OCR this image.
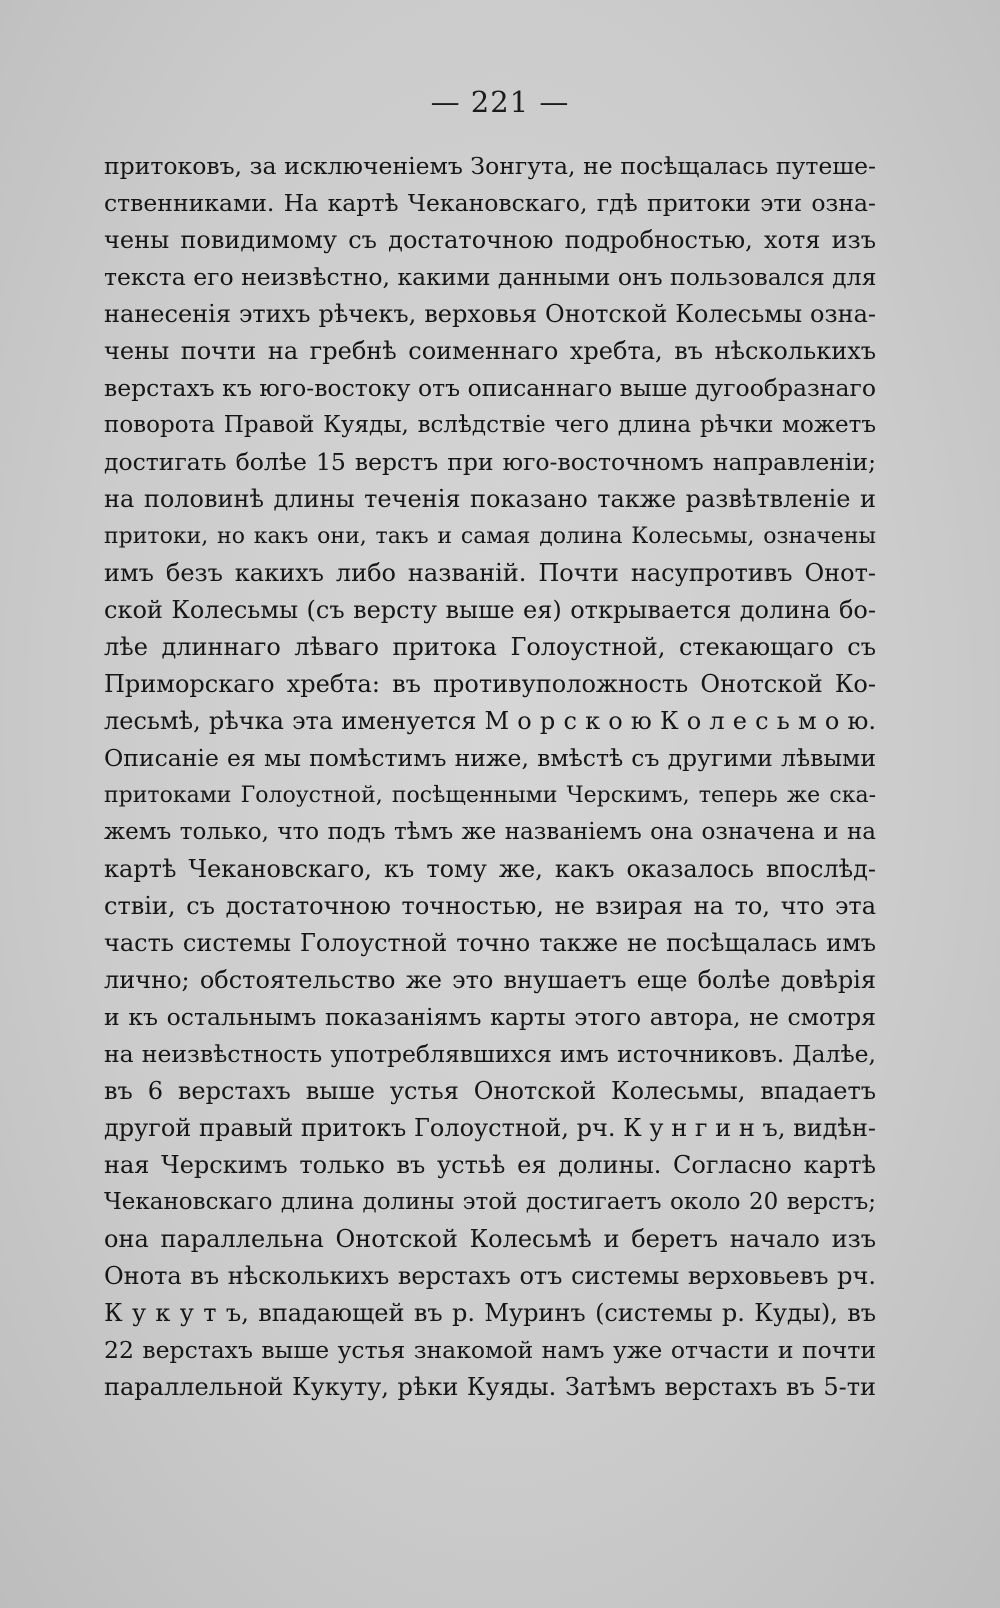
— 221 —
притоковъ, за исключеніемъ Зонгута, не посѣщалась путеше-
ственниками. На картѣ Чекановскаго, гдѣ притоки эти озна-
чены повидимому съ достаточною подробностью, хотя изъ
текста его неизвѣстно, какими данными онъ пользовался для
нанесенія этихъ рѣчекъ, верховья Онотской Колесьмы озна-
чены почти на гребнѣ соименнаго хребта, въ нѣсколькихъ
верстахъ къ юго-востоку отъ описаннаго выше дугообразнаго
поворота Правой Куяды, вслѣдствіе чего длина рѣчки можетъ
достигать болѣе 15 верстъ при юго-восточномъ направленіи;
на половинѣ длины теченія показано также развѣтвленіе и
притоки, но какъ они, такъ и самая долина Колесьмы, означены
имъ безъ какихъ либо названій. Почти насупротивъ Онот-
ской Колесьмы (съ версту выше ея) открывается долина бо-
лѣе длиннаго лѣваго притока Голоустной, стекающаго съ
Приморскаго хребта: въ противуположность Онотской Ко-
лесьмѣ, рѣчка эта именуется М о р с к о ю К о л е с ь м о ю.
Описаніе ея мы помѣстимъ ниже, вмѣстѣ съ другими лѣвыми
притоками Голоустной, посѣщенными Черскимъ, теперь же ска-
жемъ только, что подъ тѣмъ же названіемъ она означена и на
картѣ Чекановскаго, къ тому же, какъ оказалось впослѣд-
ствіи, съ достаточною точностью, не взирая на то, что эта
часть системы Голоустной точно также не посѣщалась имъ
лично; обстоятельство же это внушаетъ еще болѣе довѣрія
и къ остальнымъ показаніямъ карты этого автора, не смотря
на неизвѣстность употреблявшихся имъ источниковъ. Далѣе,
въ 6 верстахъ выше устья Онотской Колесьмы, впадаетъ
другой правый притокъ Голоустной, рч. К у н г и н ъ, видѣн-
ная Черскимъ только въ устьѣ ея долины. Согласно картѣ
Чекановскаго длина долины этой достигаетъ около 20 верстъ;
она параллельна Онотской Колесьмѣ и беретъ начало изъ
Онота въ нѣсколькихъ верстахъ отъ системы верховьевъ рч.
К у к у т ъ, впадающей въ р. Муринъ (системы р. Куды), въ
22 верстахъ выше устья знакомой намъ уже отчасти и почти
параллельной Кукуту, рѣки Куяды. Затѣмъ верстахъ въ 5-ти
